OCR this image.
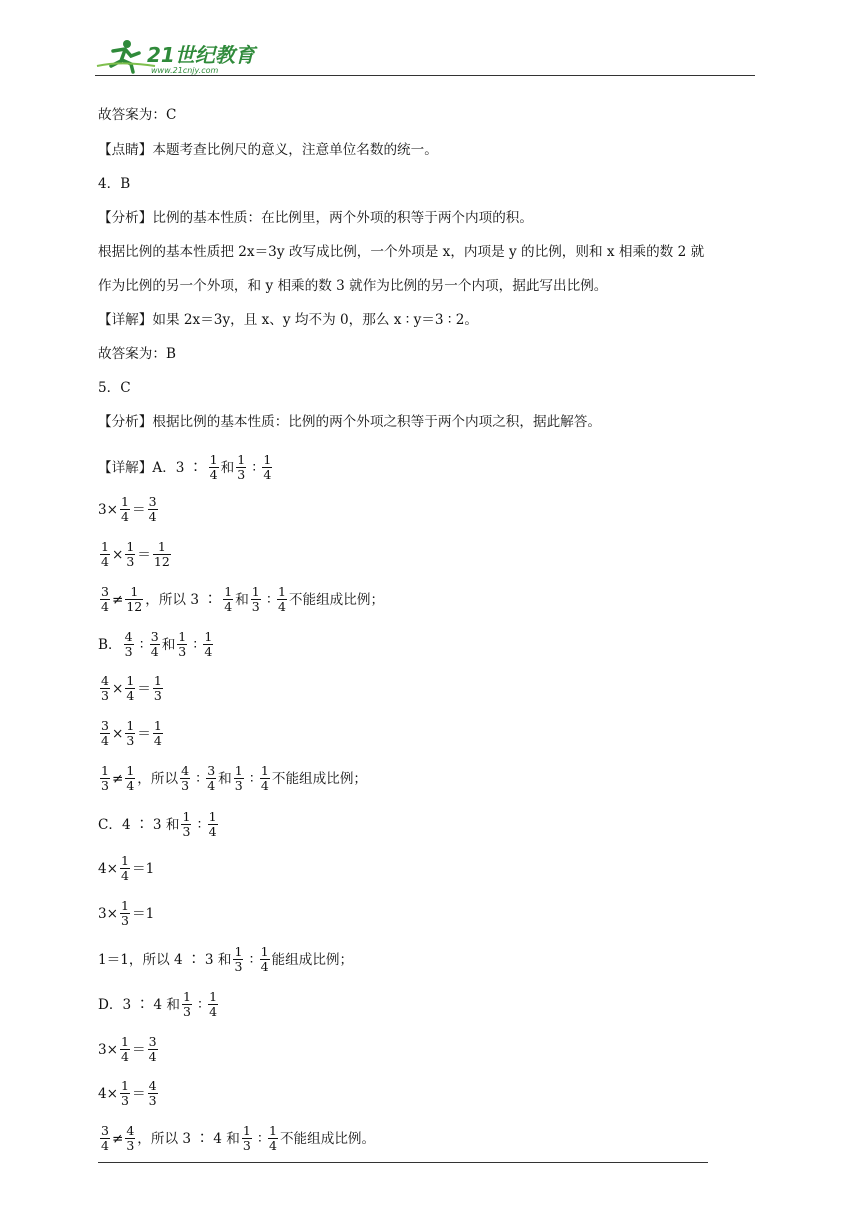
21世纪教育
www.21cnjy.com
故答案为：C
【点睛】本题考查比例尺的意义，注意单位名数的统一。
4．B
【分析】比例的基本性质：在比例里，两个外项的积等于两个内项的积。
根据比例的基本性质把 2x＝3y 改写成比例，一个外项是 x，内项是 y 的比例，则和 x 相乘的数 2 就
作为比例的另一个外项，和 y 相乘的数 3 就作为比例的另一个内项，据此写出比例。
【详解】如果 2x＝3y，且 x、y 均不为 0，那么 x ∶ y＝3 ∶ 2。
故答案为：B
5．C
【分析】根据比例的基本性质：比例的两个外项之积等于两个内项之积，据此解答。
【详解】A．3 ∶ $\frac{1}{4}$ 和 $\frac{1}{3}$ ∶ $\frac{1}{4}$
$3\times \frac{1}{4} = \frac{3}{4}$
$\frac{1}{4} \times \frac{1}{3} = \frac{1}{12}$
$\frac{3}{4} \ne \frac{1}{12}$ ，所以 3 ∶ $\frac{1}{4}$ 和 $\frac{1}{3}$ ∶ $\frac{1}{4}$ 不能组成比例；
B． $\frac{4}{3}$ ∶ $\frac{3}{4}$ 和 $\frac{1}{3}$ ∶ $\frac{1}{4}$
$\frac{4}{3} \times \frac{1}{4} = \frac{1}{3}$
$\frac{3}{4} \times \frac{1}{3} = \frac{1}{4}$
$\frac{1}{3} \ne \frac{1}{4}$ ，所以 $\frac{4}{3}$ ∶ $\frac{3}{4}$ 和 $\frac{1}{3}$ ∶ $\frac{1}{4}$ 不能组成比例；
C．4 ∶ 3 和 $\frac{1}{3}$ ∶ $\frac{1}{4}$
$4\times \frac{1}{4} =1$
$3\times \frac{1}{3} =1$
1＝1，所以 4 ∶ 3 和 $\frac{1}{3}$ ∶ $\frac{1}{4}$ 能组成比例；
D．3 ∶ 4 和 $\frac{1}{3}$ ∶ $\frac{1}{4}$
$3\times \frac{1}{4} = \frac{3}{4}$
$4\times \frac{1}{3} = \frac{4}{3}$
$\frac{3}{4} \ne \frac{4}{3}$ ，所以 3 ∶ 4 和 $\frac{1}{3}$ ∶ $\frac{1}{4}$ 不能组成比例。
